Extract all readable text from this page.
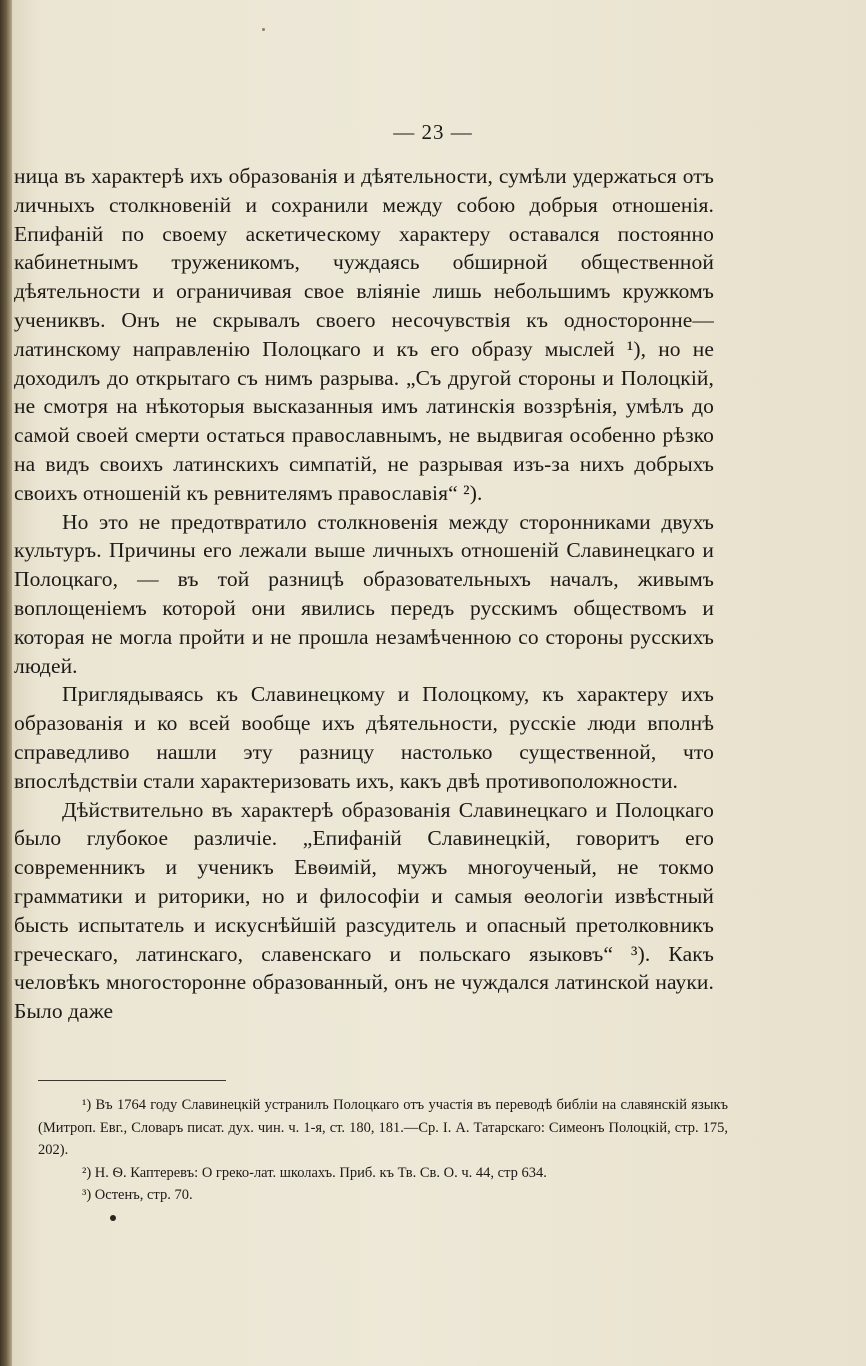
— 23 —

ница въ характерѣ ихъ образованія и дѣятельности, сумѣли удержаться отъ личныхъ столкновеній и сохранили между собою добрыя отношенія. Епифаній по своему аскетическому характеру оставался постоянно кабинетнымъ труженикомъ, чуждаясь обширной общественной дѣятельности и ограничивая свое вліяніе лишь небольшимъ кружкомъ учениквъ. Онъ не скрывалъ своего несочувствія къ односторонне—латинскому направленію Полоцкаго и къ его образу мыслей ¹), но не доходилъ до открытаго съ нимъ разрыва. „Съ другой стороны и Полоцкій, не смотря на нѣкоторыя высказанныя имъ латинскія воззрѣнія, умѣлъ до самой своей смерти остаться православнымъ, не выдвигая особенно рѣзко на видъ своихъ латинскихъ симпатій, не разрывая изъ-за нихъ добрыхъ своихъ отношеній къ ревнителямъ православія“ ²).

Но это не предотвратило столкновенія между сторонниками двухъ культуръ. Причины его лежали выше личныхъ отношеній Славинецкаго и Полоцкаго, — въ той разницѣ образовательныхъ началъ, живымъ воплощеніемъ которой они явились передъ русскимъ обществомъ и которая не могла пройти и не прошла незамѣченною со стороны русскихъ людей.

Приглядываясь къ Славинецкому и Полоцкому, къ характеру ихъ образованія и ко всей вообще ихъ дѣятельности, русскіе люди вполнѣ справедливо нашли эту разницу настолько существенной, что впослѣдствіи стали характеризовать ихъ, какъ двѣ противоположности.

Дѣйствительно въ характерѣ образованія Славинецкаго и Полоцкаго было глубокое различіе. „Епифаній Славинецкій, говоритъ его современникъ и ученикъ Евѳимій, мужъ многоученый, не токмо грамматики и риторики, но и философіи и самыя ѳеологіи извѣстный бысть испытатель и искуснѣйшій разсудитель и опасный претолковникъ греческаго, латинскаго, славенскаго и польскаго языковъ“ ³). Какъ человѣкъ многосторонне образованный, онъ не чуждался латинской науки. Было даже

¹) Въ 1764 году Славинецкій устранилъ Полоцкаго отъ участія въ переводѣ библіи на славянскій языкъ (Митроп. Евг., Словаръ писат. дух. чин. ч. 1-я, ст. 180, 181.—Ср. I. А. Татарскаго: Симеонъ Полоцкій, стр. 175, 202).

²) Н. Ѳ. Каптеревъ: О греко-лат. школахъ. Приб. къ Тв. Св. О. ч. 44, стр 634.

³) Остенъ, стр. 70.
